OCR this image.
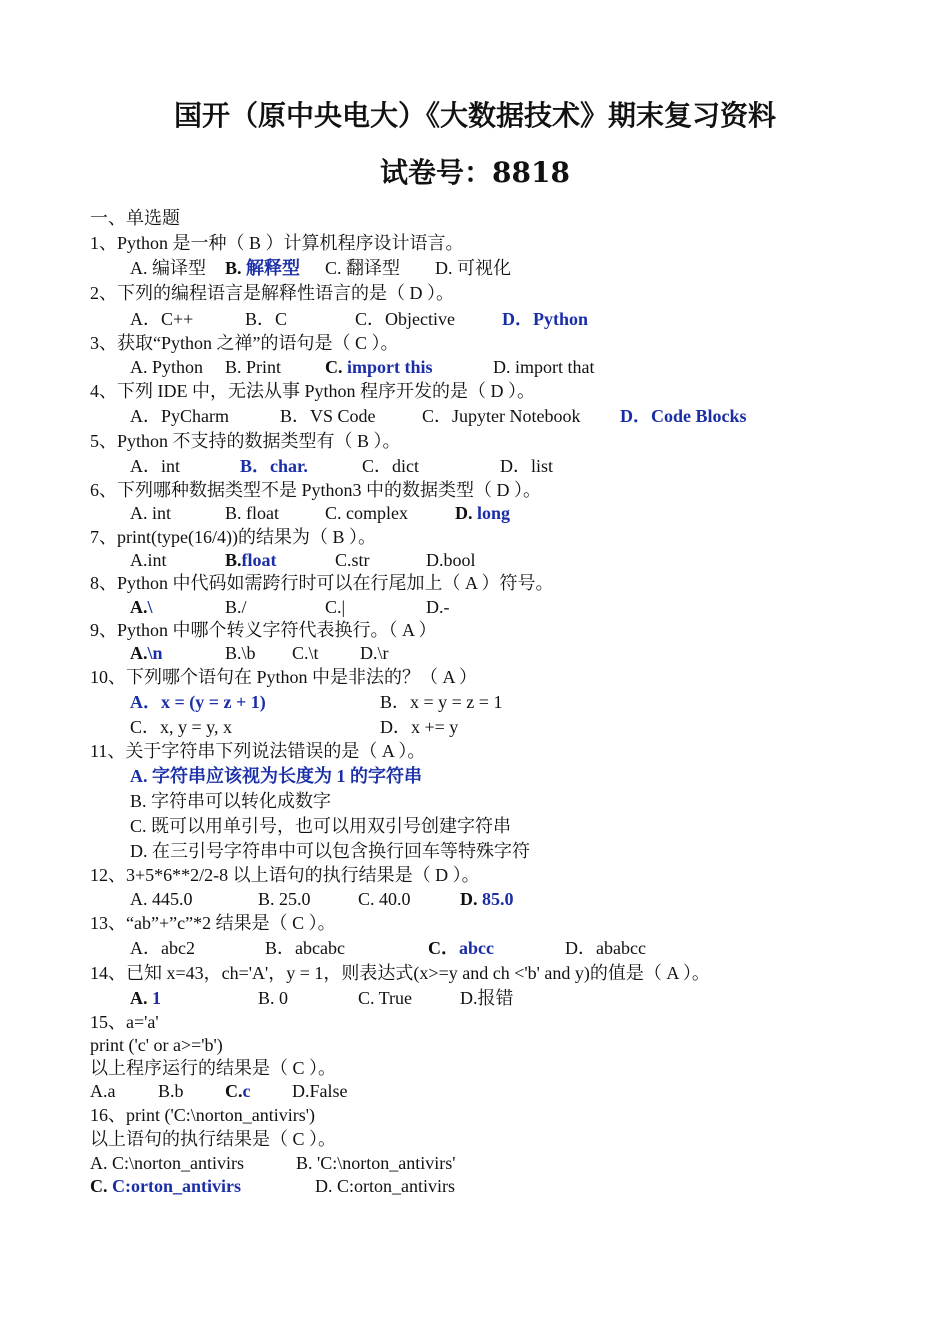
国开（原中央电大）《大数据技术》期末复习资料
试卷号：8818
一、单选题
1、Python 是一种（ B ）计算机程序设计语言。
A. 编译型 B. 解释型 C. 翻译型 D. 可视化
2、下列的编程语言是解释性语言的是（ D ）。
A．C++	B．C	C．Objective	D．Python
3、获取“Python 之禅”的语句是（ C ）。
A. Python B. Print C. import this	D. import that
4、下列 IDE 中，无法从事 Python 程序开发的是（ D ）。
A．PyCharm	B．VS Code	C．Jupyter Notebook D．Code Blocks
5、Python 不支持的数据类型有（ B ）。
A．int	B．char.	C．dict	D．list
6、下列哪种数据类型不是 Python3 中的数据类型（ D ）。
A. int	B. float	C. complex	D. long
7、print(type(16/4))的结果为（ B ）。
A.int	B.float	C.str	D.bool
8、Python 中代码如需跨行时可以在行尾加上（ A ）符号。
A.\	B./	C.|	D.-
9、Python 中哪个转义字符代表换行。（ A ）
A.\n	B.\b C.\t D.\r
10、下列哪个语句在 Python 中是非法的？（ A ）
A．x = (y = z + 1)	B．x = y = z = 1
C．x, y = y, x	D．x += y
11、关于字符串下列说法错误的是（ A ）。
A. 字符串应该视为长度为 1 的字符串
B. 字符串可以转化成数字
C. 既可以用单引号，也可以用双引号创建字符串
D. 在三引号字符串中可以包含换行回车等特殊字符
12、3+5*6**2/2-8 以上语句的执行结果是（ D ）。
A. 445.0	B. 25.0	C. 40.0	D. 85.0
13、“ab”+”c”*2 结果是（ C ）。
A．abc2	B．abcabc	C．abcc	D．ababcc
14、已知 x=43，ch='A'，y = 1，则表达式(x>=y and ch <'b' and y)的值是（ A ）。
A. 1	B. 0	C. True	D.报错
15、a='a'
print ('c' or a>='b')
以上程序运行的结果是（ C ）。
A.a B.b C.c D.False
16、print ('C:\norton_antivirs')
以上语句的执行结果是（ C ）。
A. C:\norton_antivirs	B. 'C:\norton_antivirs'
C. C:orton_antivirs	D. C:orton_antivirs
